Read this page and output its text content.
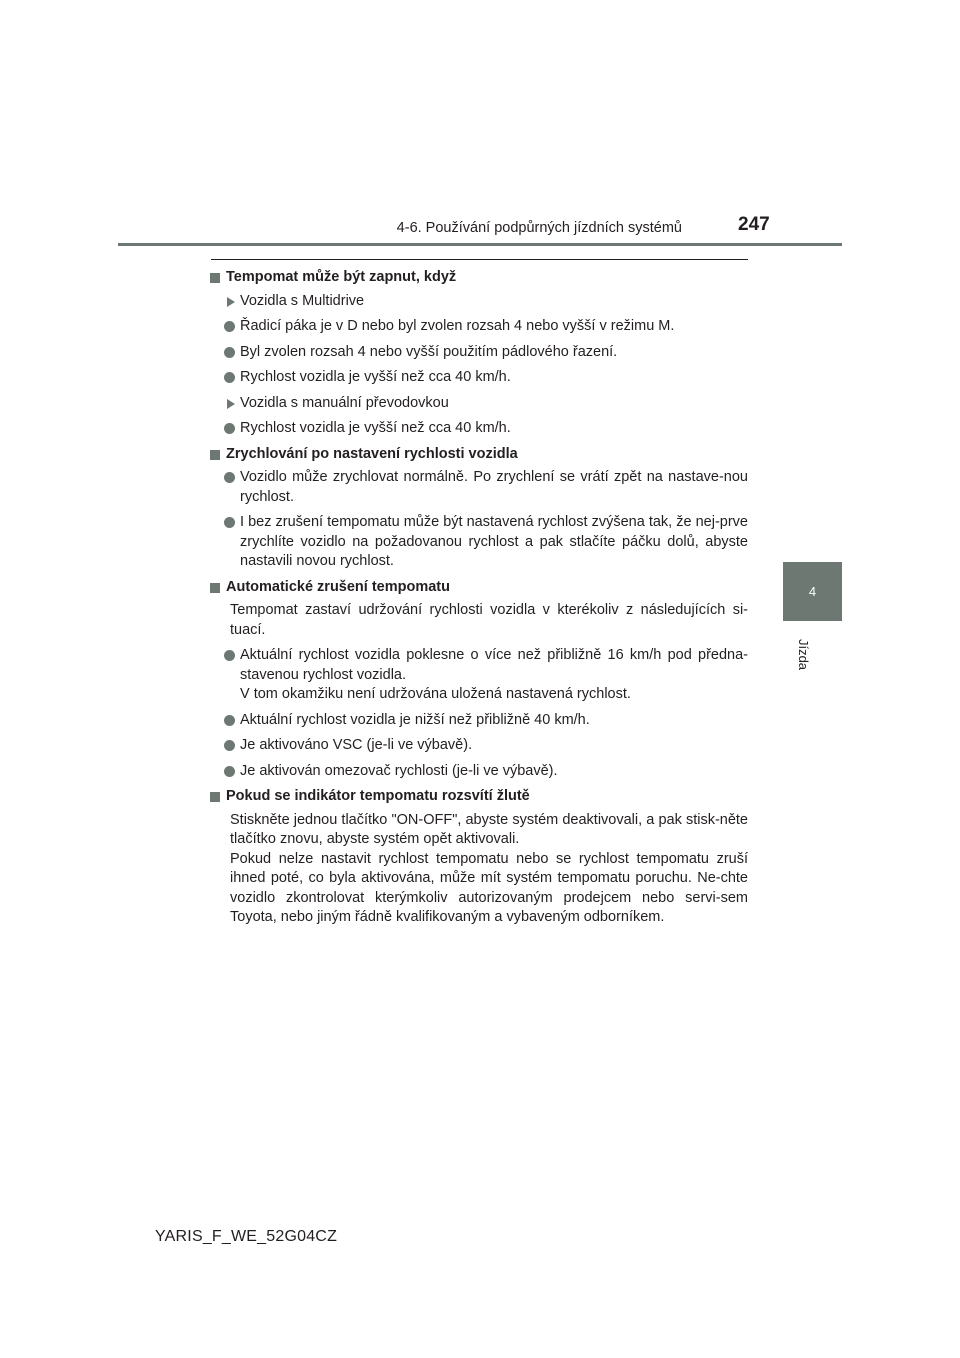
4-6. Používání podpůrných jízdních systémů	247
4
Jízda
Tempomat může být zapnut, když
Vozidla s Multidrive
Řadicí páka je v D nebo byl zvolen rozsah 4 nebo vyšší v režimu M.
Byl zvolen rozsah 4 nebo vyšší použitím pádlového řazení.
Rychlost vozidla je vyšší než cca 40 km/h.
Vozidla s manuální převodovkou
Rychlost vozidla je vyšší než cca 40 km/h.
Zrychlování po nastavení rychlosti vozidla
Vozidlo může zrychlovat normálně. Po zrychlení se vrátí zpět na nastave-nou rychlost.
I bez zrušení tempomatu může být nastavená rychlost zvýšena tak, že nej-prve zrychlíte vozidlo na požadovanou rychlost a pak stlačíte páčku dolů, abyste nastavili novou rychlost.
Automatické zrušení tempomatu
Tempomat zastaví udržování rychlosti vozidla v kterékoliv z následujících si-tuací.
Aktuální rychlost vozidla poklesne o více než přibližně 16 km/h pod předna-stavenou rychlost vozidla.
V tom okamžiku není udržována uložená nastavená rychlost.
Aktuální rychlost vozidla je nižší než přibližně 40 km/h.
Je aktivováno VSC (je-li ve výbavě).
Je aktivován omezovač rychlosti (je-li ve výbavě).
Pokud se indikátor tempomatu rozsvítí žlutě
Stiskněte jednou tlačítko "ON-OFF", abyste systém deaktivovali, a pak stisk-něte tlačítko znovu, abyste systém opět aktivovali.
Pokud nelze nastavit rychlost tempomatu nebo se rychlost tempomatu zruší ihned poté, co byla aktivována, může mít systém tempomatu poruchu. Ne-chte vozidlo zkontrolovat kterýmkoliv autorizovaným prodejcem nebo servi-sem Toyota, nebo jiným řádně kvalifikovaným a vybaveným odborníkem.
YARIS_F_WE_52G04CZ
